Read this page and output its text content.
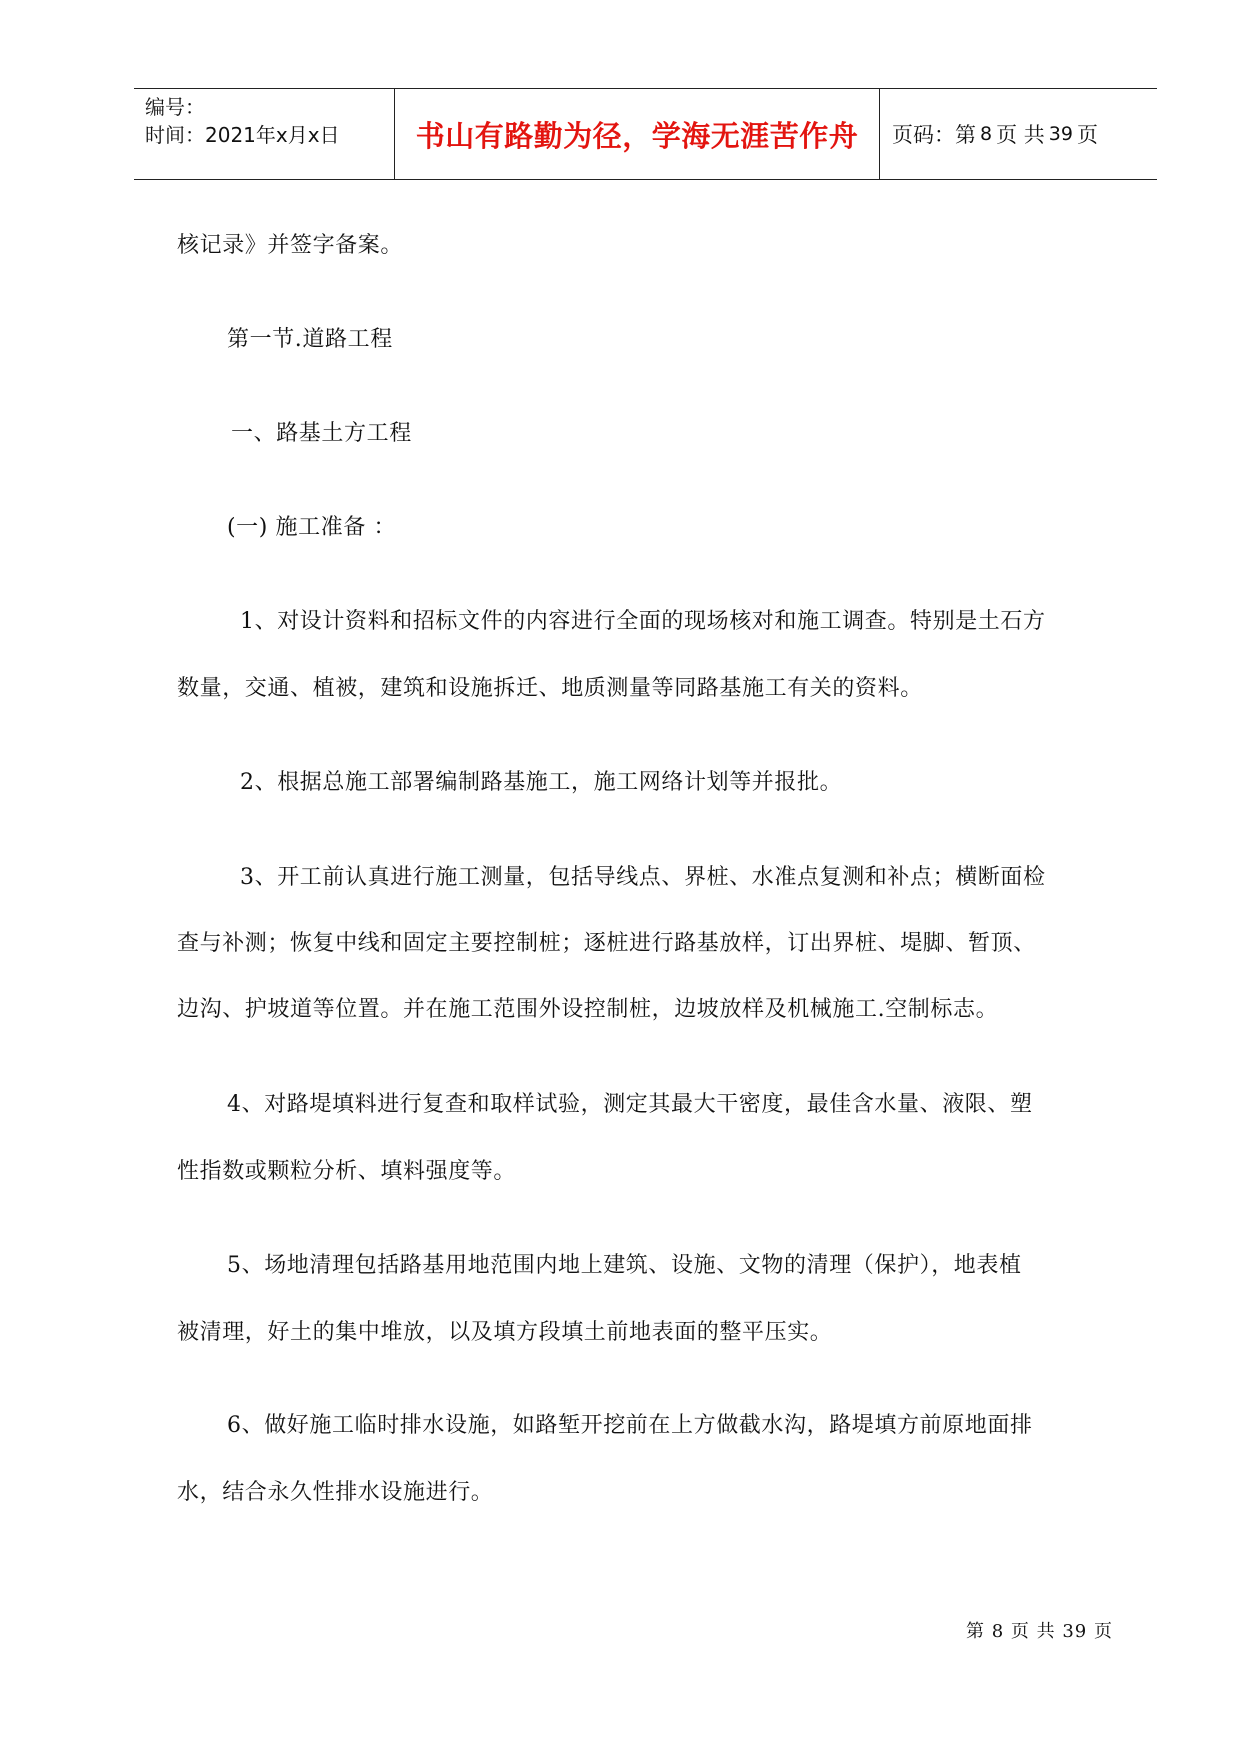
编号：
时间：2021年x月x日	书山有路勤为径，学海无涯苦作舟 页码：第 8 页 共 39 页
核记录》并签字备案。
第一节.道路工程
一、路基土方工程
(一) 施工准备 ：
1、对设计资料和招标文件的内容进行全面的现场核对和施工调查。特别是土石方
数量，交通、植被，建筑和设施拆迁、地质测量等同路基施工有关的资料。
2、根据总施工部署编制路基施工，施工网络计划等并报批。
3、开工前认真进行施工测量，包括导线点、界桩、水准点复测和补点；横断面检
查与补测；恢复中线和固定主要控制桩；逐桩进行路基放样，订出界桩、堤脚、暂顶、
边沟、护坡道等位置。并在施工范围外设控制桩，边坡放样及机械施工.空制标志。
4、对路堤填料进行复查和取样试验，测定其最大干密度，最佳含水量、液限、塑
性指数或颗粒分析、填料强度等。
5、场地清理包括路基用地范围内地上建筑、设施、文物的清理（保护），地表植
被清理，好土的集中堆放，以及填方段填土前地表面的整平压实。
6、做好施工临时排水设施，如路堑开挖前在上方做截水沟，路堤填方前原地面排
水，结合永久性排水设施进行。
第 8 页 共 39 页
